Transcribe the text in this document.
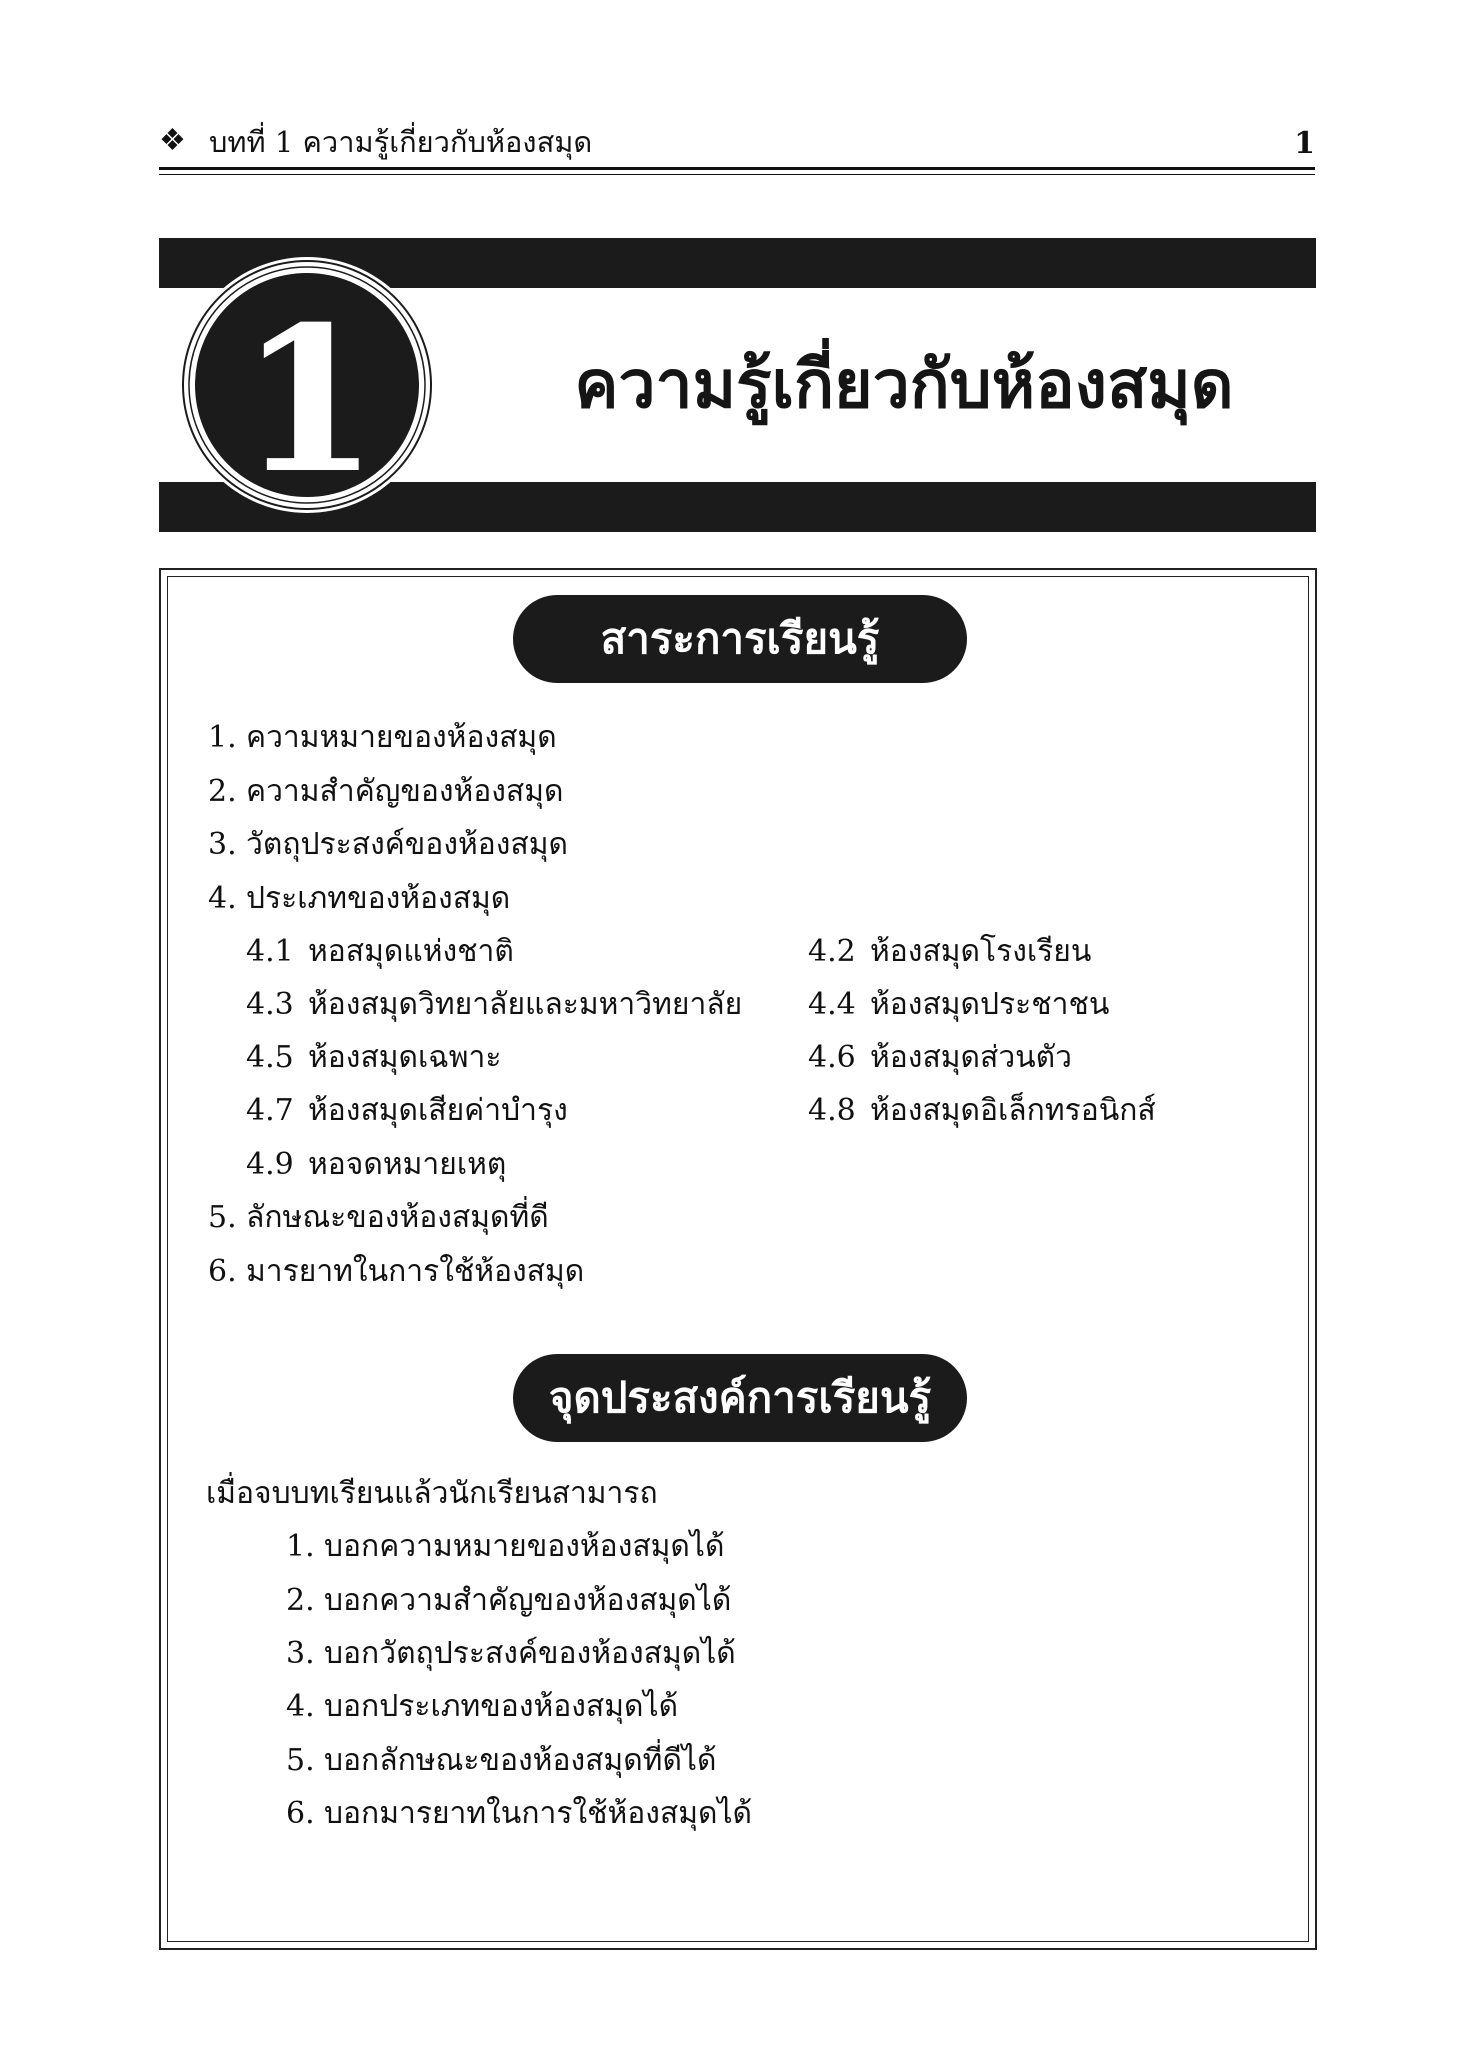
❖ บทที่ 1 ความรู้เกี่ยวกับห้องสมุด	1
1	ความรู้เกี่ยวกับห้องสมุด
สาระการเรียนรู้
1. ความหมายของห้องสมุด
2. ความสำคัญของห้องสมุด
3. วัตถุประสงค์ของห้องสมุด
4. ประเภทของห้องสมุด
4.1 หอสมุดแห่งชาติ	4.2 ห้องสมุดโรงเรียน
4.3 ห้องสมุดวิทยาลัยและมหาวิทยาลัย 4.4 ห้องสมุดประชาชน
4.5 ห้องสมุดเฉพาะ	4.6 ห้องสมุดส่วนตัว
4.7 ห้องสมุดเสียค่าบำรุง	4.8 ห้องสมุดอิเล็กทรอนิกส์
4.9 หอจดหมายเหตุ
5. ลักษณะของห้องสมุดที่ดี
6. มารยาทในการใช้ห้องสมุด
จุดประสงค์การเรียนรู้
เมื่อจบบทเรียนแล้วนักเรียนสามารถ
1. บอกความหมายของห้องสมุดได้
2. บอกความสำคัญของห้องสมุดได้
3. บอกวัตถุประสงค์ของห้องสมุดได้
4. บอกประเภทของห้องสมุดได้
5. บอกลักษณะของห้องสมุดที่ดีได้
6. บอกมารยาทในการใช้ห้องสมุดได้
